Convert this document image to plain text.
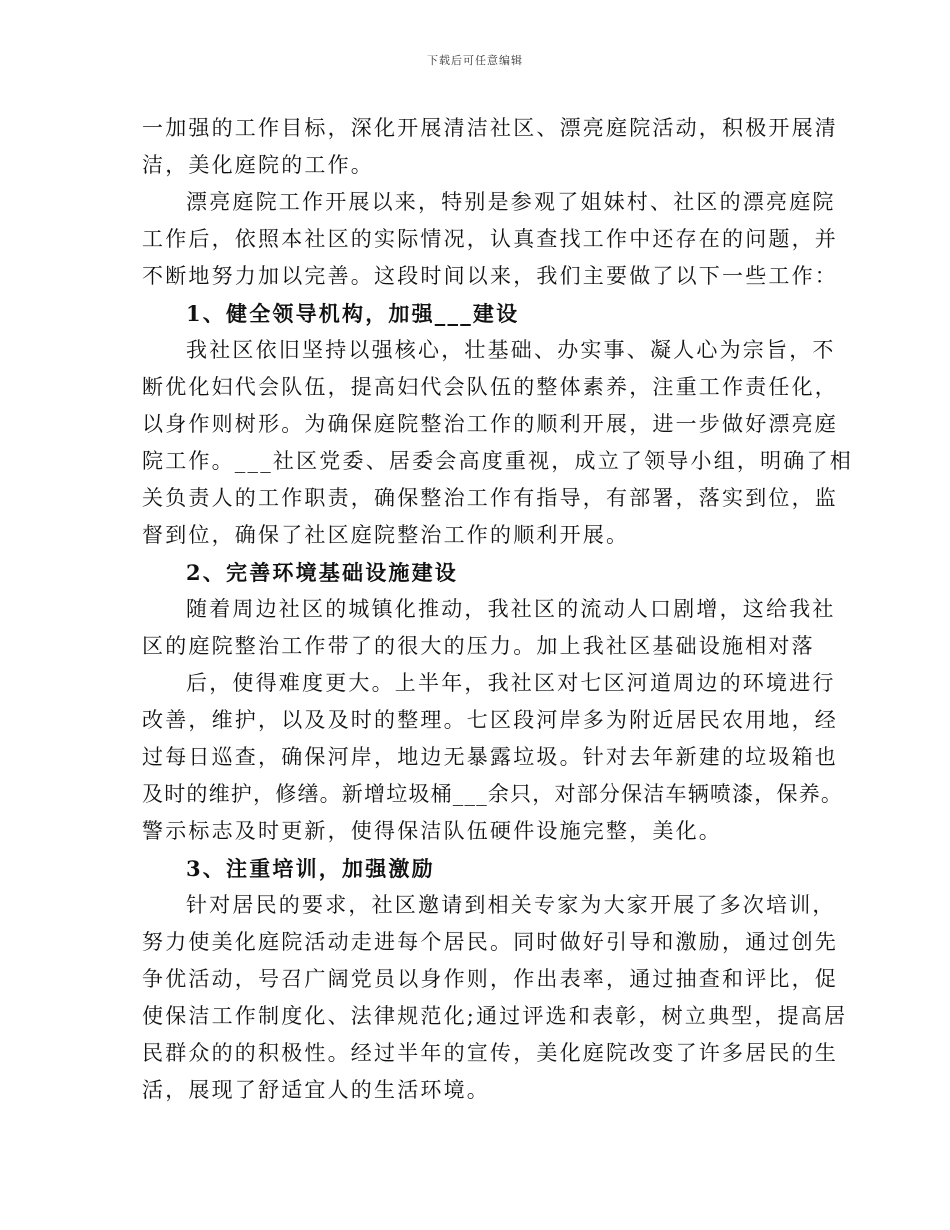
下载后可任意编辑

一加强的工作目标，深化开展清洁社区、漂亮庭院活动，积极开展清
洁，美化庭院的工作。

漂亮庭院工作开展以来，特别是参观了姐妹村、社区的漂亮庭院
工作后，依照本社区的实际情况，认真查找工作中还存在的问题，并
不断地努力加以完善。这段时间以来，我们主要做了以下一些工作：

1、健全领导机构，加强___建设

我社区依旧坚持以强核心，壮基础、办实事、凝人心为宗旨，不
断优化妇代会队伍，提高妇代会队伍的整体素养，注重工作责任化，
以身作则树形。为确保庭院整治工作的顺利开展，进一步做好漂亮庭
院工作。___社区党委、居委会高度重视，成立了领导小组，明确了相
关负责人的工作职责，确保整治工作有指导，有部署，落实到位，监
督到位，确保了社区庭院整治工作的顺利开展。

2、完善环境基础设施建设

随着周边社区的城镇化推动，我社区的流动人口剧增，这给我社
区的庭院整治工作带了的很大的压力。加上我社区基础设施相对落

后，使得难度更大。上半年，我社区对七区河道周边的环境进行
改善，维护，以及及时的整理。七区段河岸多为附近居民农用地，经
过每日巡查，确保河岸，地边无暴露垃圾。针对去年新建的垃圾箱也
及时的维护，修缮。新增垃圾桶___余只，对部分保洁车辆喷漆，保养。
警示标志及时更新，使得保洁队伍硬件设施完整，美化。

3、注重培训，加强激励

针对居民的要求，社区邀请到相关专家为大家开展了多次培训，
努力使美化庭院活动走进每个居民。同时做好引导和激励，通过创先
争优活动，号召广阔党员以身作则，作出表率，通过抽查和评比，促
使保洁工作制度化、法律规范化;通过评选和表彰，树立典型，提高居
民群众的的积极性。经过半年的宣传，美化庭院改变了许多居民的生
活，展现了舒适宜人的生活环境。
